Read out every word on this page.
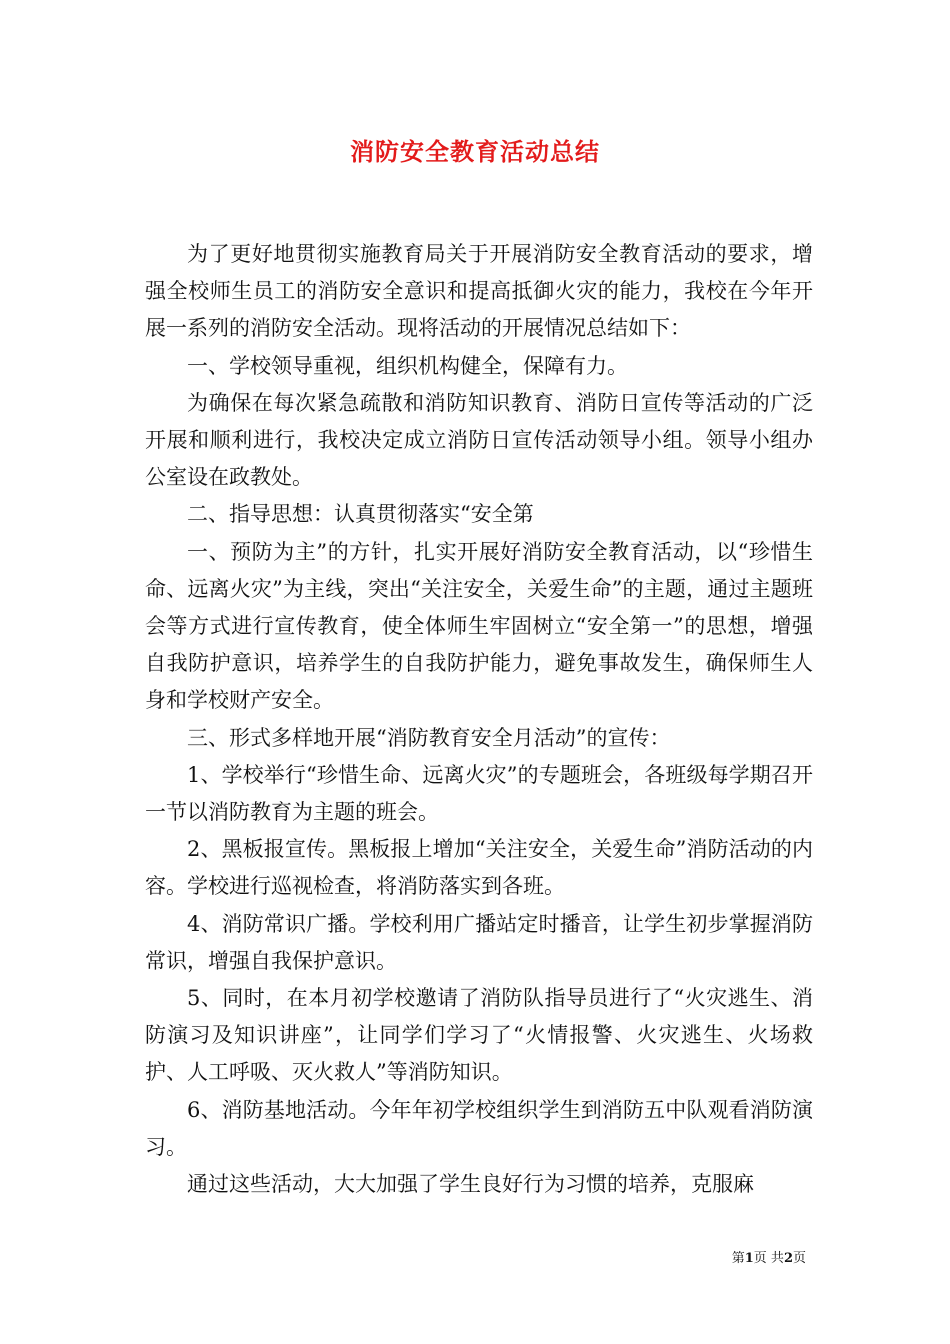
消防安全教育活动总结

为了更好地贯彻实施教育局关于开展消防安全教育活动的要求，增强全校师生员工的消防安全意识和提高抵御火灾的能力，我校在今年开展一系列的消防安全活动。现将活动的开展情况总结如下：

一、学校领导重视，组织机构健全，保障有力。

为确保在每次紧急疏散和消防知识教育、消防日宣传等活动的广泛开展和顺利进行，我校决定成立消防日宣传活动领导小组。领导小组办公室设在政教处。

二、指导思想：认真贯彻落实“安全第

一、预防为主”的方针，扎实开展好消防安全教育活动，以“珍惜生命、远离火灾”为主线，突出“关注安全，关爱生命”的主题，通过主题班会等方式进行宣传教育，使全体师生牢固树立“安全第一”的思想，增强自我防护意识，培养学生的自我防护能力，避免事故发生，确保师生人身和学校财产安全。

三、形式多样地开展“消防教育安全月活动”的宣传：

1、学校举行“珍惜生命、远离火灾”的专题班会，各班级每学期召开一节以消防教育为主题的班会。

2、黑板报宣传。黑板报上增加“关注安全，关爱生命”消防活动的内容。学校进行巡视检查，将消防落实到各班。

4、消防常识广播。学校利用广播站定时播音，让学生初步掌握消防常识，增强自我保护意识。

5、同时，在本月初学校邀请了消防队指导员进行了“火灾逃生、消防演习及知识讲座”，让同学们学习了“火情报警、火灾逃生、火场救护、人工呼吸、灭火救人”等消防知识。

6、消防基地活动。今年年初学校组织学生到消防五中队观看消防演习。

通过这些活动，大大加强了学生良好行为习惯的培养，克服麻

第1页 共2页
